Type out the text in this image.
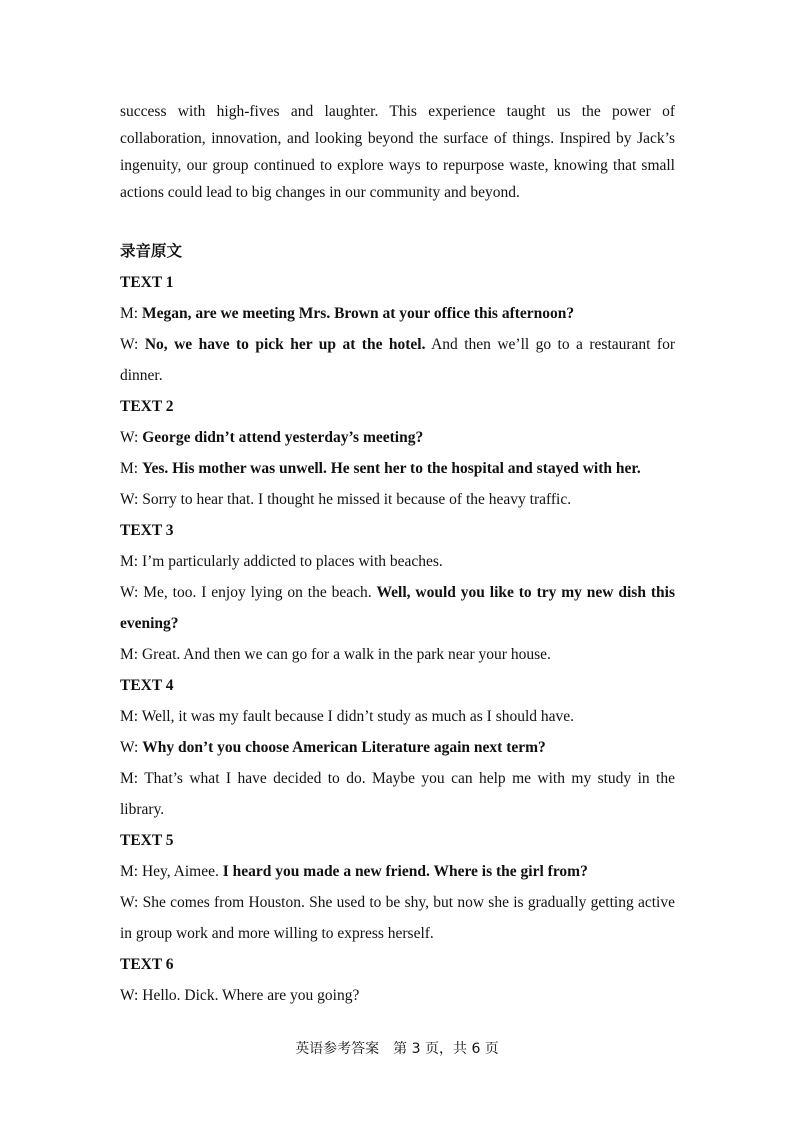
success with high-fives and laughter. This experience taught us the power of collaboration, innovation, and looking beyond the surface of things. Inspired by Jack’s ingenuity, our group continued to explore ways to repurpose waste, knowing that small actions could lead to big changes in our community and beyond.

录音原文
TEXT 1

M: Megan, are we meeting Mrs. Brown at your office this afternoon?

W: No, we have to pick her up at the hotel. And then we’ll go to a restaurant for dinner.

TEXT 2

W: George didn’t attend yesterday’s meeting?

M: Yes. His mother was unwell. He sent her to the hospital and stayed with her.

W: Sorry to hear that. I thought he missed it because of the heavy traffic.

TEXT 3

M: I’m particularly addicted to places with beaches.

W: Me, too. I enjoy lying on the beach. Well, would you like to try my new dish this evening?

M: Great. And then we can go for a walk in the park near your house.

TEXT 4

M: Well, it was my fault because I didn’t study as much as I should have.

W: Why don’t you choose American Literature again next term?

M: That’s what I have decided to do. Maybe you can help me with my study in the library.

TEXT 5

M: Hey, Aimee. I heard you made a new friend. Where is the girl from?

W: She comes from Houston. She used to be shy, but now she is gradually getting active in group work and more willing to express herself.

TEXT 6

W: Hello. Dick. Where are you going?

英语参考答案　第 3 页，共 6 页
